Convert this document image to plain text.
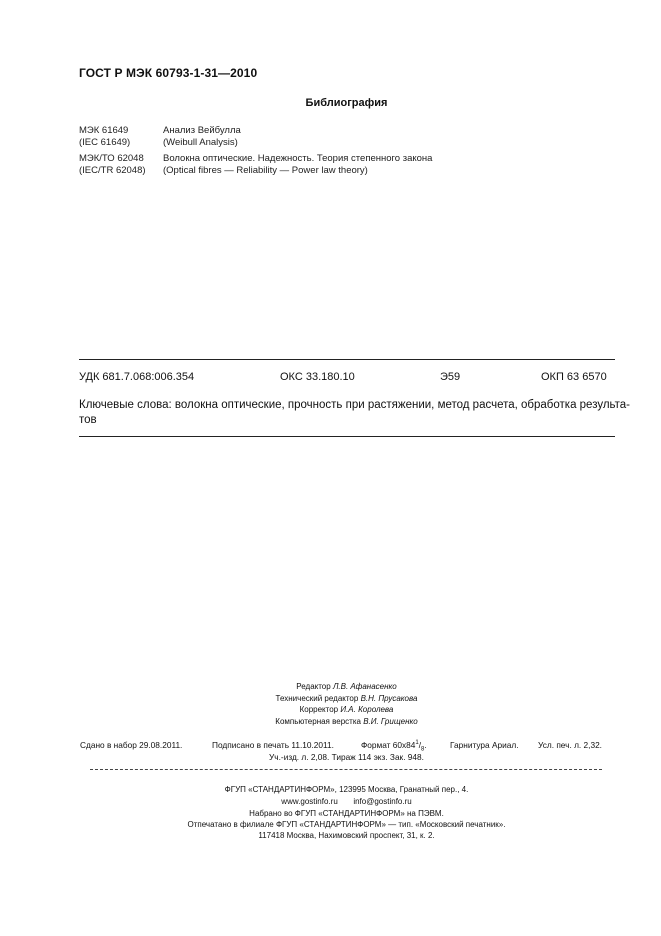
ГОСТ Р МЭК 60793-1-31—2010
Библиография
МЭК 61649	Анализ Вейбулла
(IEC 61649)	(Weibull Analysis)
МЭК/ТО 62048 Волокна оптические. Надежность. Теория степенного закона
(IEC/TR 62048) (Optical fibres — Reliability — Power law theory)
УДК 681.7.068:006.354	ОКС 33.180.10	Э59	ОКП 63 6570
Ключевые слова: волокна оптические, прочность при растяжении, метод расчета, обработка результа-
тов
Редактор Л.В. Афанасенко
Технический редактор В.Н. Прусакова
Корректор И.А. Королева
Компьютерная верстка В.И. Грищенко
Сдано в набор 29.08.2011.	Подписано в печать 11.10.2011.	Формат $60х84^1/_8$.	Гарнитура Ариал. Усл. печ. л. 2,32.
Уч.-изд. л. 2,08. Тираж 114 экз. Зак. 948.
ФГУП «СТАНДАРТИНФОРМ», 123995 Москва, Гранатный пер., 4.
www.gostinfo.ru info@gostinfo.ru
Набрано во ФГУП «СТАНДАРТИНФОРМ» на ПЭВМ.
Отпечатано в филиале ФГУП «СТАНДАРТИНФОРМ» — тип. «Московский печатник».
117418 Москва, Нахимовский проспект, 31, к. 2.
